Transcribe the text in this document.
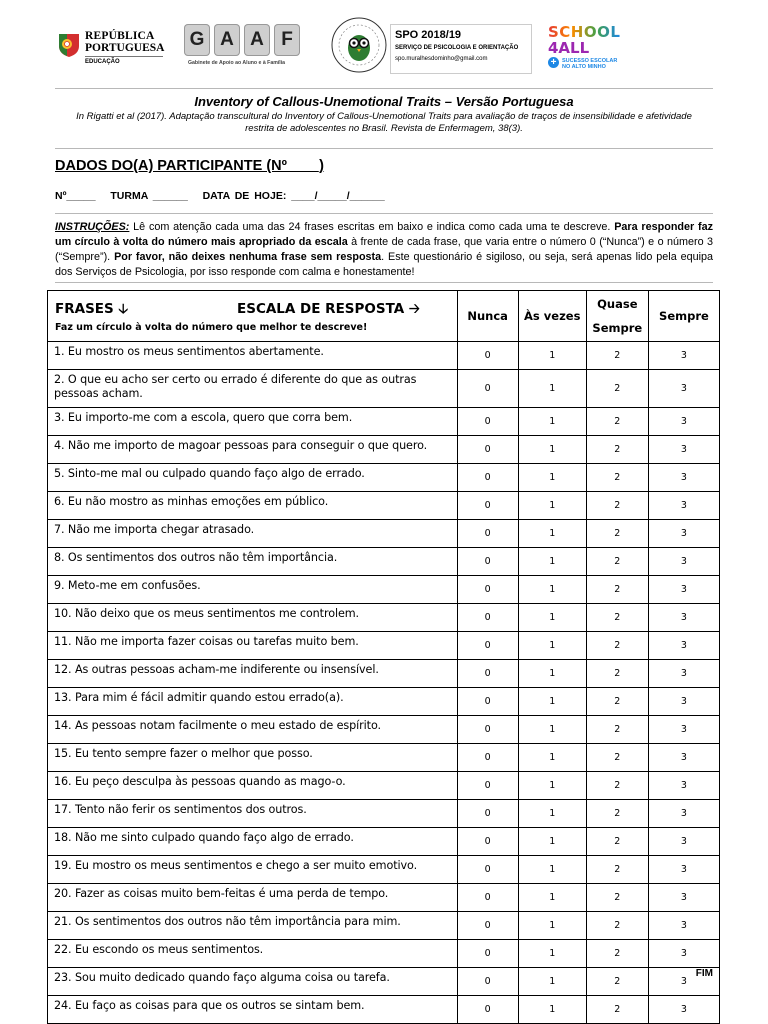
REPÚBLICA
PORTUGUESA
EDUCAÇÃO
G A A F
Gabinete de Apoio ao Aluno e à Família
SPO 2018/19
SERVIÇO DE PSICOLOGIA E ORIENTAÇÃO
spo.muralhesdominho@gmail.com
SCHOOL
4ALL
+	SUCESSO ESCOLAR
NO ALTO MINHO
Inventory of Callous-Unemotional Traits – Versão Portuguesa
In Rigatti et al (2017). Adaptação transcultural do Inventory of Callous-Unemotional Traits para avaliação de traços de insensibilidade e afetividade restrita de adolescentes no Brasil. Revista de Enfermagem, 38(3).
DADOS DO(A) PARTICIPANTE (Nº____)
Nº_____   TURMA ______   DATA DE HOJE: ____/_____/______
INSTRUÇÕES: Lê com atenção cada uma das 24 frases escritas em baixo e indica como cada uma te descreve. Para responder faz um círculo à volta do número mais apropriado da escala à frente de cada frase, que varia entre o número 0 (“Nunca”) e o número 3 (“Sempre”). Por favor, não deixes nenhuma frase sem resposta. Este questionário é sigiloso, ou seja, será apenas lido pela equipa dos Serviços de Psicologia, por isso responde com calma e honestamente!
FRASES 🡣 ESCALA DE RESPOSTA 🡢
Faz um círculo à volta do número que melhor te descreve!	Nunca	Às vezes	Quase Sempre	Sempre
1. Eu mostro os meus sentimentos abertamente.	0	1	2	3
2. O que eu acho ser certo ou errado é diferente do que as outras pessoas acham.	0	1	2	3
3. Eu importo-me com a escola, quero que corra bem.	0	1	2	3
4. Não me importo de magoar pessoas para conseguir o que quero.	0	1	2	3
5. Sinto-me mal ou culpado quando faço algo de errado.	0	1	2	3
6. Eu não mostro as minhas emoções em público.	0	1	2	3
7. Não me importa chegar atrasado.	0	1	2	3
8. Os sentimentos dos outros não têm importância.	0	1	2	3
9. Meto-me em confusões.	0	1	2	3
10. Não deixo que os meus sentimentos me controlem.	0	1	2	3
11. Não me importa fazer coisas ou tarefas muito bem.	0	1	2	3
12. As outras pessoas acham-me indiferente ou insensível.	0	1	2	3
13. Para mim é fácil admitir quando estou errado(a).	0	1	2	3
14. As pessoas notam facilmente o meu estado de espírito.	0	1	2	3
15. Eu tento sempre fazer o melhor que posso.	0	1	2	3
16. Eu peço desculpa às pessoas quando as mago-o.	0	1	2	3
17. Tento não ferir os sentimentos dos outros.	0	1	2	3
18. Não me sinto culpado quando faço algo de errado.	0	1	2	3
19. Eu mostro os meus sentimentos e chego a ser muito emotivo.	0	1	2	3
20. Fazer as coisas muito bem-feitas é uma perda de tempo.	0	1	2	3
21. Os sentimentos dos outros não têm importância para mim.	0	1	2	3
22. Eu escondo os meus sentimentos.	0	1	2	3
23. Sou muito dedicado quando faço alguma coisa ou tarefa.	0	1	2	3
24. Eu faço as coisas para que os outros se sintam bem.	0	1	2	3
FIM
